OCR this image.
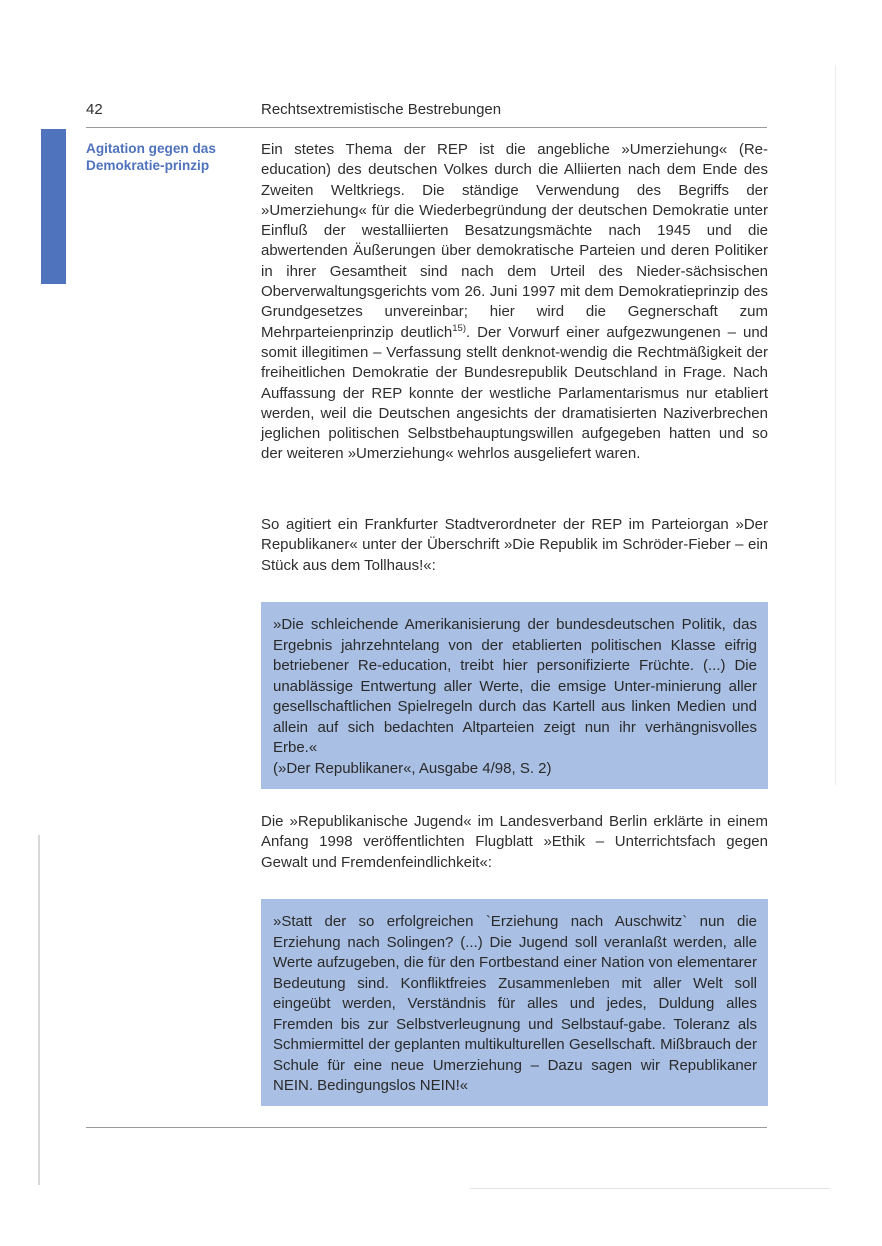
42	Rechtsextremistische Bestrebungen
Agitation gegen das Demokratie-prinzip
Ein stetes Thema der REP ist die angebliche »Umerziehung« (Re-education) des deutschen Volkes durch die Alliierten nach dem Ende des Zweiten Weltkriegs. Die ständige Verwendung des Begriffs der »Umerziehung« für die Wiederbegründung der deutschen Demokratie unter Einfluß der westalliierten Besatzungsmächte nach 1945 und die abwertenden Äußerungen über demokratische Parteien und deren Politiker in ihrer Gesamtheit sind nach dem Urteil des Nieder-sächsischen Oberverwaltungsgerichts vom 26. Juni 1997 mit dem Demokratieprinzip des Grundgesetzes unvereinbar; hier wird die Gegnerschaft zum Mehrparteienprinzip deutlich$^{15)}$. Der Vorwurf einer aufgezwungenen – und somit illegitimen – Verfassung stellt denknot-wendig die Rechtmäßigkeit der freiheitlichen Demokratie der Bundesrepublik Deutschland in Frage. Nach Auffassung der REP konnte der westliche Parlamentarismus nur etabliert werden, weil die Deutschen angesichts der dramatisierten Naziverbrechen jeglichen politischen Selbstbehauptungswillen aufgegeben hatten und so der weiteren »Umerziehung« wehrlos ausgeliefert waren.
So agitiert ein Frankfurter Stadtverordneter der REP im Parteiorgan »Der Republikaner« unter der Überschrift »Die Republik im Schröder-Fieber – ein Stück aus dem Tollhaus!«:
»Die schleichende Amerikanisierung der bundesdeutschen Politik, das Ergebnis jahrzehntelang von der etablierten politischen Klasse eifrig betriebener Re-education, treibt hier personifizierte Früchte. (...) Die unablässige Entwertung aller Werte, die emsige Unter-minierung aller gesellschaftlichen Spielregeln durch das Kartell aus linken Medien und allein auf sich bedachten Altparteien zeigt nun ihr verhängnisvolles Erbe.«
(»Der Republikaner«, Ausgabe 4/98, S. 2)
Die »Republikanische Jugend« im Landesverband Berlin erklärte in einem Anfang 1998 veröffentlichten Flugblatt »Ethik – Unterrichtsfach gegen Gewalt und Fremdenfeindlichkeit«:
»Statt der so erfolgreichen `Erziehung nach Auschwitz` nun die Erziehung nach Solingen? (...) Die Jugend soll veranlaßt werden, alle Werte aufzugeben, die für den Fortbestand einer Nation von elementarer Bedeutung sind. Konfliktfreies Zusammenleben mit aller Welt soll eingeübt werden, Verständnis für alles und jedes, Duldung alles Fremden bis zur Selbstverleugnung und Selbstauf-gabe. Toleranz als Schmiermittel der geplanten multikulturellen Gesellschaft. Mißbrauch der Schule für eine neue Umerziehung – Dazu sagen wir Republikaner NEIN. Bedingungslos NEIN!«
